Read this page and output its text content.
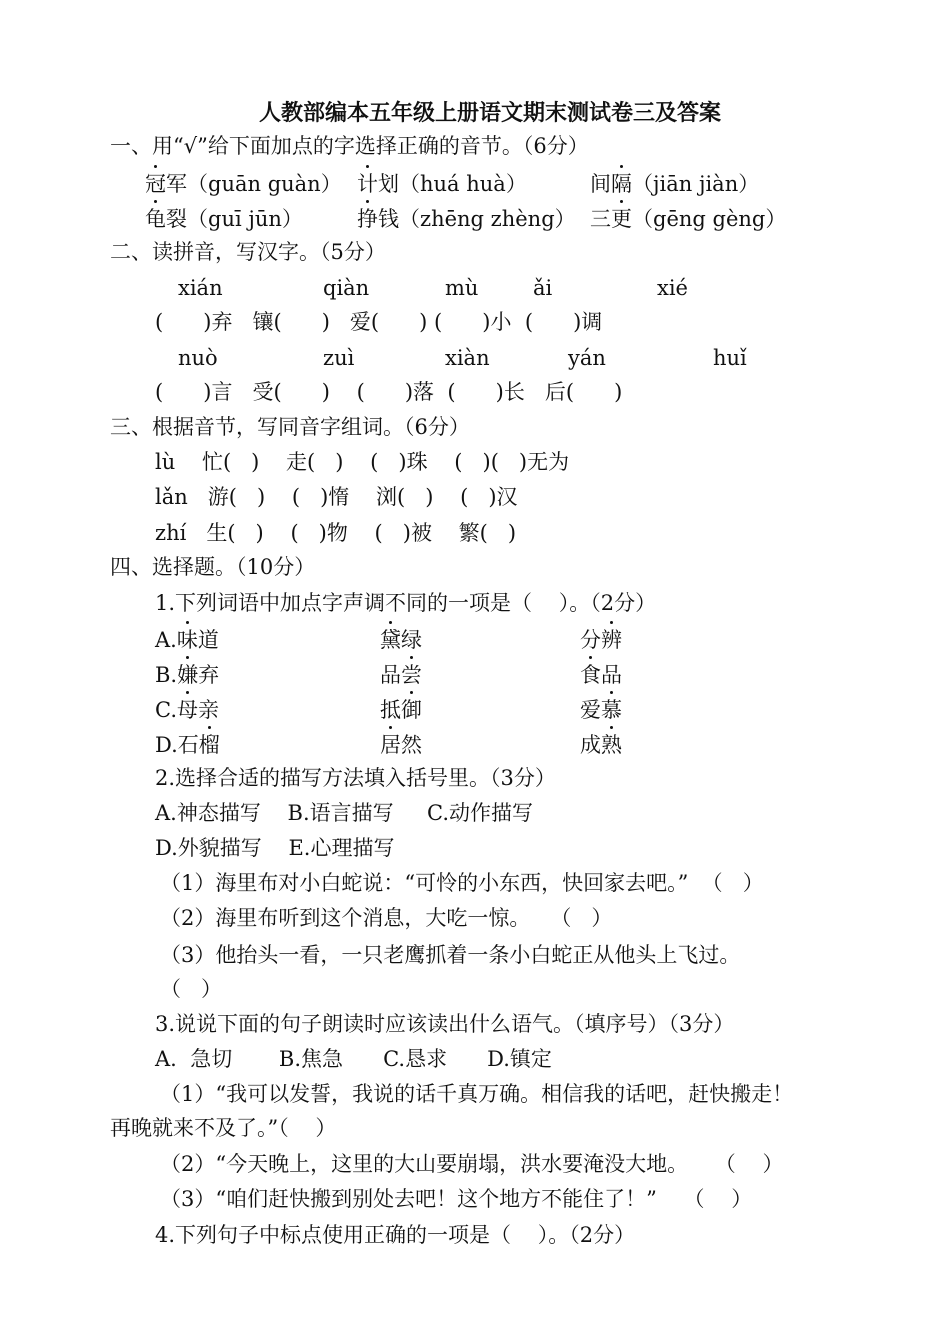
人教部编本五年级上册语文期末测试卷三及答案
一、用“√”给下面加点的字选择正确的音节。（6分）
冠军（guān guàn） 计划（huá huà）	间隔（jiān jiàn）
龟裂（guī jūn）	挣钱（zhēng zhèng） 三更（gēng gèng）
二、读拼音，写汉字。（5分）
xián	qiàn	mù	ǎi	xié
(      )弃   镶(      )   爱(      ) (      )小  (      )调
nuò	zuì	xiàn	yán	huǐ
(      )言   受(      )    (      )落  (      )长   后(      )
三、根据音节，写同音字组词。（6分）
lù    忙(   )    走(   )    (   )珠    (   )(   )无为
lǎn   游(   )    (   )惰    浏(   )    (   )汉
zhí   生(   )    (   )物    (   )被    繁(   )
四、选择题。（10分）
1.下列词语中加点字声调不同的一项是（    ）。（2分）
A.味道	黛绿	分辨
B.嫌弃	品尝	食品
C.母亲	抵御	爱慕
D.石榴	居然	成熟
2.选择合适的描写方法填入括号里。（3分）
A.神态描写    B.语言描写     C.动作描写
D.外貌描写    E.心理描写
（1）海里布对小白蛇说：“可怜的小东西，快回家去吧。”  （   ）
（2）海里布听到这个消息，大吃一惊。   （   ）
（3）他抬头一看，一只老鹰抓着一条小白蛇正从他头上飞过。
（   ）
3.说说下面的句子朗读时应该读出什么语气。（填序号）（3分）
A.  急切       B.焦急      C.恳求      D.镇定
（1）“我可以发誓，我说的话千真万确。相信我的话吧，赶快搬走！
再晚就来不及了。”（    ）
（2）“今天晚上，这里的大山要崩塌，洪水要淹没大地。    （    ）
（3）“咱们赶快搬到别处去吧！这个地方不能住了！”    （    ）
4.下列句子中标点使用正确的一项是（    ）。（2分）
